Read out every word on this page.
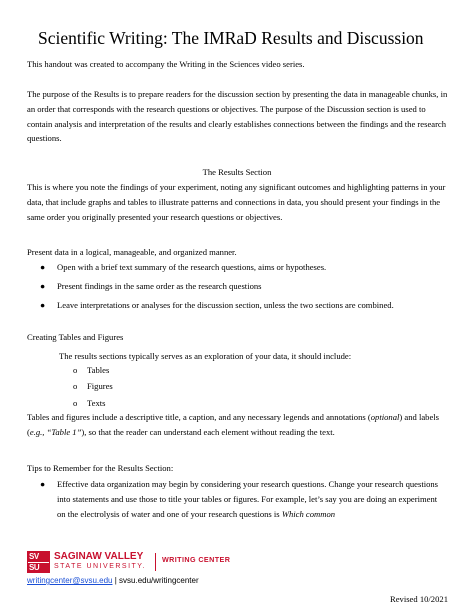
Scientific Writing: The IMRaD Results and Discussion

This handout was created to accompany the Writing in the Sciences video series.

The purpose of the Results is to prepare readers for the discussion section by presenting the data in manageable chunks, in an order that corresponds with the research questions or objectives. The purpose of the Discussion section is used to contain analysis and interpretation of the results and clearly establishes connections between the findings and the research questions.

The Results Section

This is where you note the findings of your experiment, noting any significant outcomes and highlighting patterns in your data, that include graphs and tables to illustrate patterns and connections in data, you should present your findings in the same order you originally presented your research questions or objectives.

Present data in a logical, manageable, and organized manner.

● Open with a brief text summary of the research questions, aims or hypotheses.
● Present findings in the same order as the research questions
● Leave interpretations or analyses for the discussion section, unless the two sections are combined.

Creating Tables and Figures

The results sections typically serves as an exploration of your data, it should include:
o Tables
o Figures
o Texts

Tables and figures include a descriptive title, a caption, and any necessary legends and annotations (optional) and labels (e.g., “Table 1”), so that the reader can understand each element without reading the text.

Tips to Remember for the Results Section:

● Effective data organization may begin by considering your research questions. Change your research questions into statements and use those to title your tables or figures. For example, let’s say you are doing an experiment on the electrolysis of water and one of your research questions is Which common
SV
SU
SAGINAW VALLEY
STATE UNIVERSITY.
WRITING CENTER
writingcenter@svsu.edu | svsu.edu/writingcenter
Revised 10/2021
